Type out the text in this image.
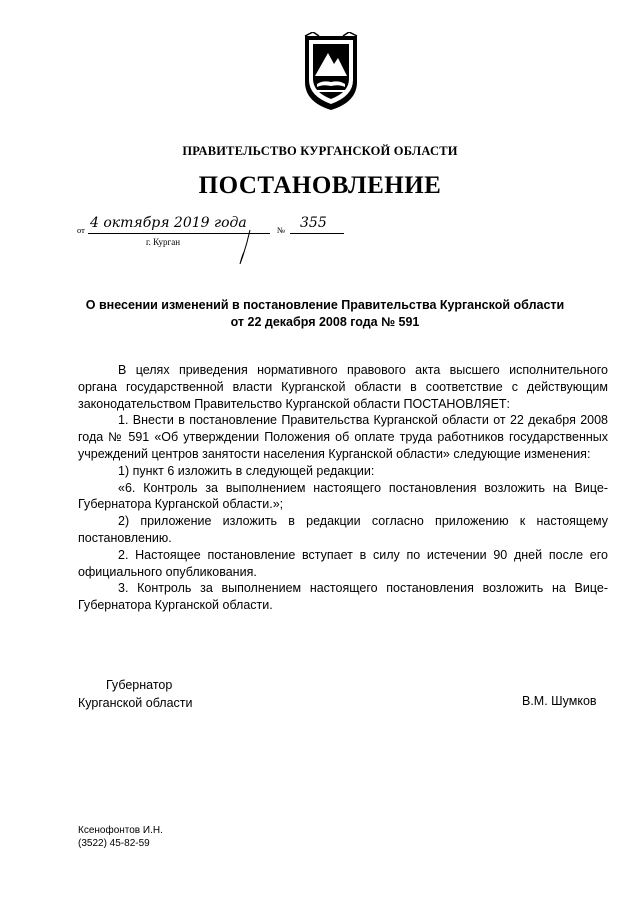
ПРАВИТЕЛЬСТВО КУРГАНСКОЙ ОБЛАСТИ
ПОСТАНОВЛЕНИЕ
от 4 октября 2019 года	№ 355
г. Курган
О внесении изменений в постановление Правительства Курганской области
от 22 декабря 2008 года № 591

В целях приведения нормативного правового акта высшего исполнительного органа государственной власти Курганской области в соответствие с действующим законодательством Правительство Курганской области ПОСТАНОВЛЯЕТ:

1. Внести в постановление Правительства Курганской области от 22 декабря 2008 года № 591 «Об утверждении Положения об оплате труда работников государственных учреждений центров занятости населения Курганской области» следующие изменения:

1) пункт 6 изложить в следующей редакции:

«6. Контроль за выполнением настоящего постановления возложить на Вице-Губернатора Курганской области.»;

2) приложение изложить в редакции согласно приложению к настоящему постановлению.

2. Настоящее постановление вступает в силу по истечении 90 дней после его официального опубликования.

3. Контроль за выполнением настоящего постановления возложить на Вице-Губернатора Курганской области.

Губернатор
Курганской области	В.М. Шумков
Ксенофонтов И.Н.
(3522) 45-82-59
